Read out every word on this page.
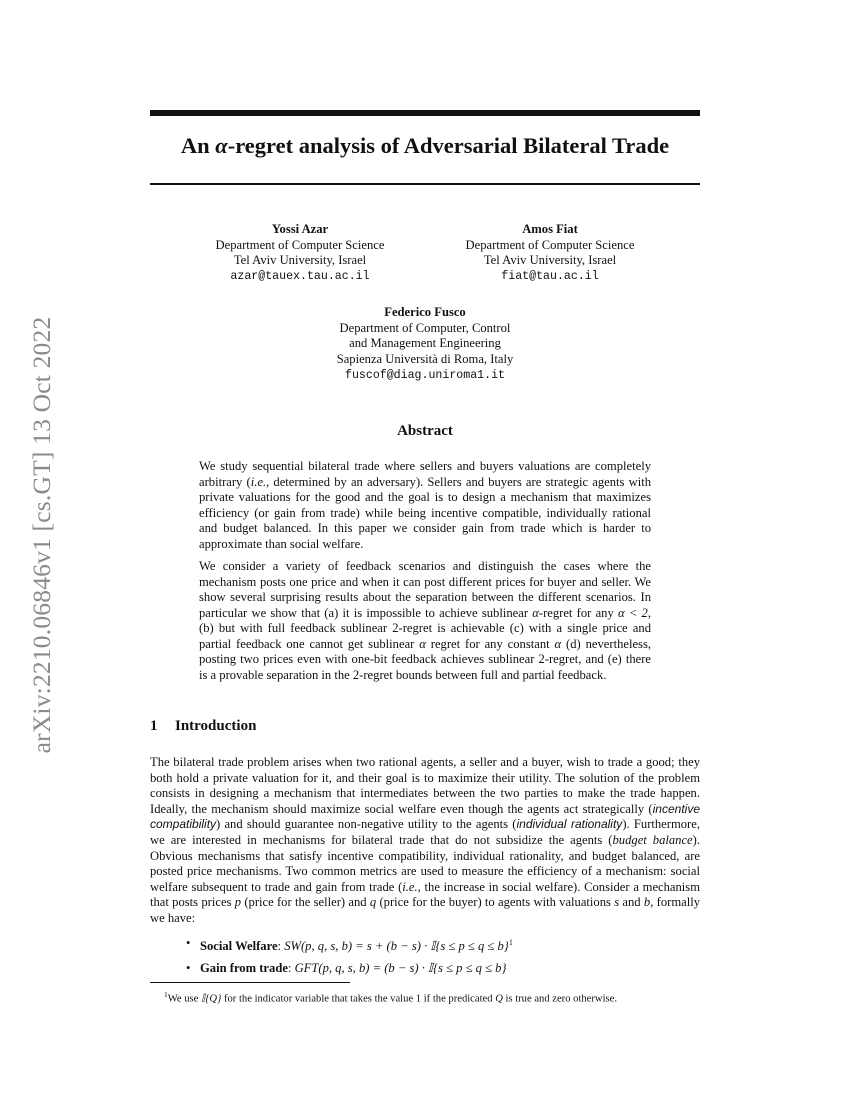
arXiv:2210.06846v1 [cs.GT] 13 Oct 2022
An α-regret analysis of Adversarial Bilateral Trade
Yossi Azar
Department of Computer Science
Tel Aviv University, Israel
azar@tauex.tau.ac.il
Amos Fiat
Department of Computer Science
Tel Aviv University, Israel
fiat@tau.ac.il
Federico Fusco
Department of Computer, Control
and Management Engineering
Sapienza Università di Roma, Italy
fuscof@diag.uniroma1.it
Abstract

We study sequential bilateral trade where sellers and buyers valuations are completely arbitrary (i.e., determined by an adversary). Sellers and buyers are strategic agents with private valuations for the good and the goal is to design a mechanism that maximizes efficiency (or gain from trade) while being incentive compatible, individually rational and budget balanced. In this paper we consider gain from trade which is harder to approximate than social welfare.

We consider a variety of feedback scenarios and distinguish the cases where the mechanism posts one price and when it can post different prices for buyer and seller. We show several surprising results about the separation between the different scenarios. In particular we show that (a) it is impossible to achieve sublinear α-regret for any α < 2, (b) but with full feedback sublinear 2-regret is achievable (c) with a single price and partial feedback one cannot get sublinear α regret for any constant α (d) nevertheless, posting two prices even with one-bit feedback achieves sublinear 2-regret, and (e) there is a provable separation in the 2-regret bounds between full and partial feedback.

1 Introduction

The bilateral trade problem arises when two rational agents, a seller and a buyer, wish to trade a good; they both hold a private valuation for it, and their goal is to maximize their utility. The solution of the problem consists in designing a mechanism that intermediates between the two parties to make the trade happen. Ideally, the mechanism should maximize social welfare even though the agents act strategically (incentive compatibility) and should guarantee non-negative utility to the agents (individual rationality). Furthermore, we are interested in mechanisms for bilateral trade that do not subsidize the agents (budget balance). Obvious mechanisms that satisfy incentive compatibility, individual rationality, and budget balanced, are posted price mechanisms. Two common metrics are used to measure the efficiency of a mechanism: social welfare subsequent to trade and gain from trade (i.e., the increase in social welfare). Consider a mechanism that posts prices p (price for the seller) and q (price for the buyer) to agents with valuations s and b, formally we have:

• Social Welfare: SW(p, q, s, b) = s + (b − s) · 𝕀{s ≤ p ≤ q ≤ b}$^1$
• Gain from trade: GFT(p, q, s, b) = (b − s) · 𝕀{s ≤ p ≤ q ≤ b}

$^1$We use 𝕀{Q} for the indicator variable that takes the value 1 if the predicated Q is true and zero otherwise.
